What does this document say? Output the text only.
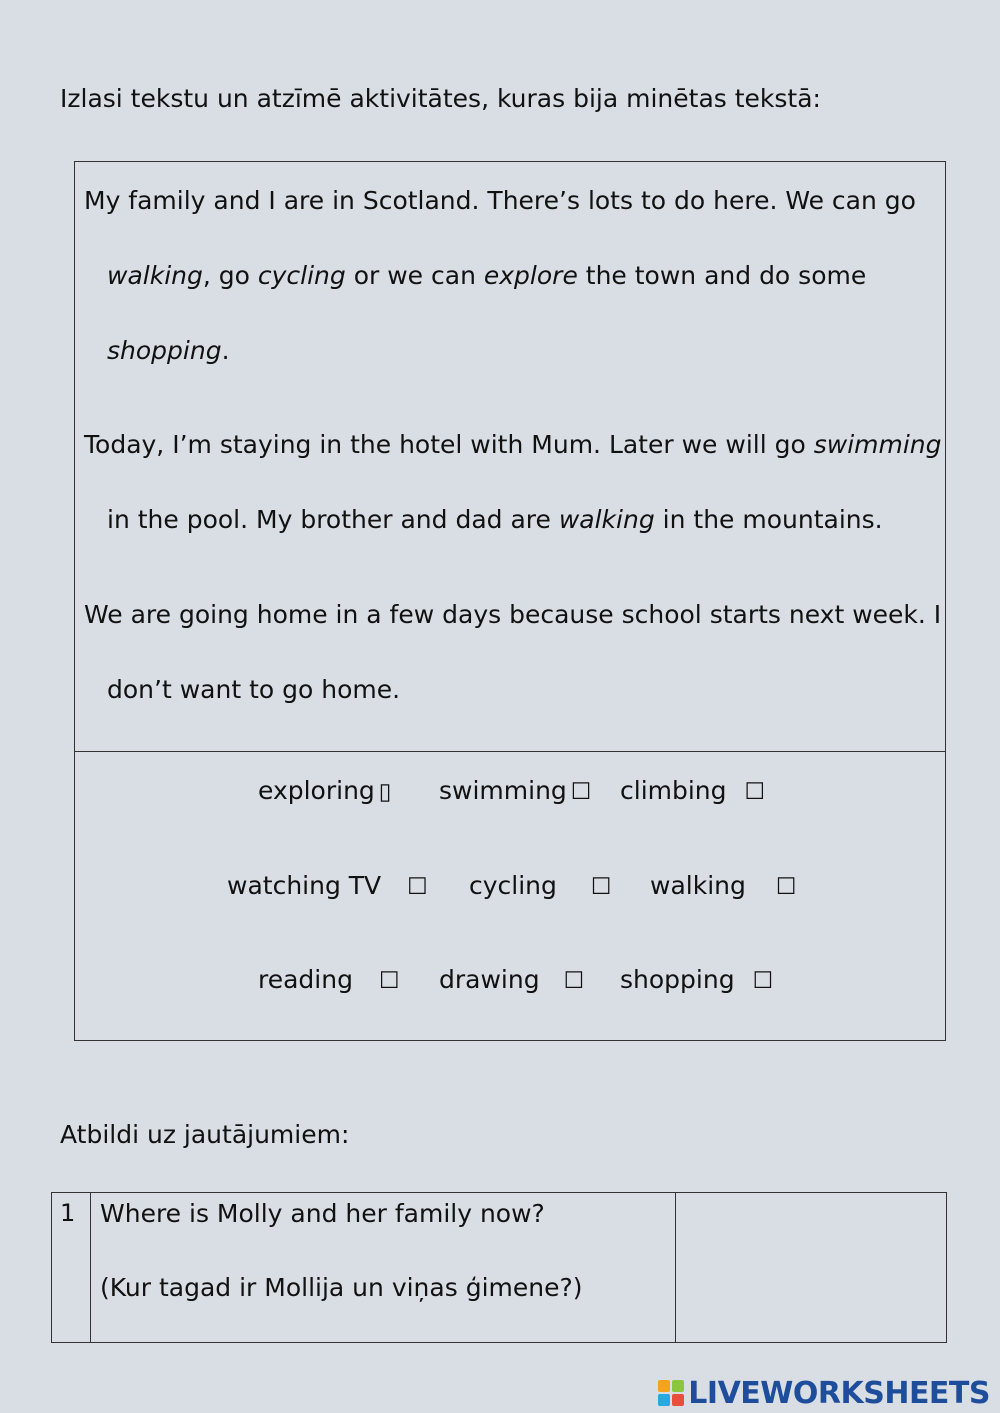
Izlasi tekstu un atzīmē aktivitātes, kuras bija minētas tekstā:
My family and I are in Scotland. There’s lots to do here. We can go
walking, go cycling or we can explore the town and do some
shopping.
Today, I’m staying in the hotel with Mum. Later we will go swimming
in the pool. My brother and dad are walking in the mountains.
We are going home in a few days because school starts next week. I
don’t want to go home.
exploring ▯ swimming ☐ climbing ☐
watching TV ☐ cycling ☐ walking ☐
reading ☐ drawing ☐ shopping ☐
Atbildi uz jautājumiem:
1 Where is Molly and her family now?
(Kur tagad ir Mollija un viņas ģimene?)
LIVEWORKSHEETS
